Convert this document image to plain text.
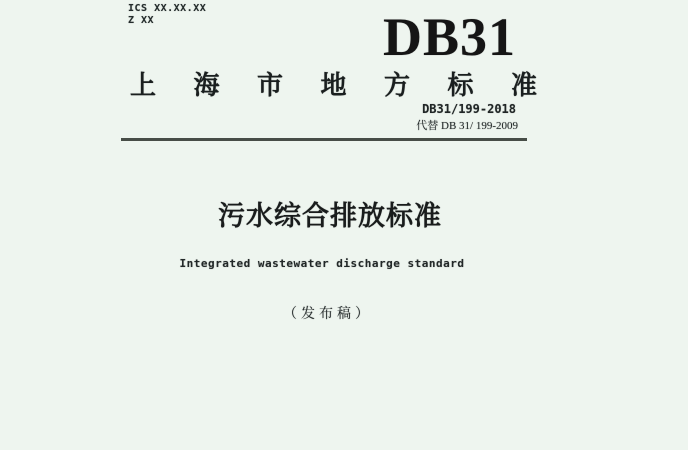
ICS XX.XX.XX
Z XX	DB31
上 海 市 地 方 标 准
DB31/199-2018
代替 DB 31/ 199-2009
污水综合排放标准
Integrated wastewater discharge standard
（发布稿）
